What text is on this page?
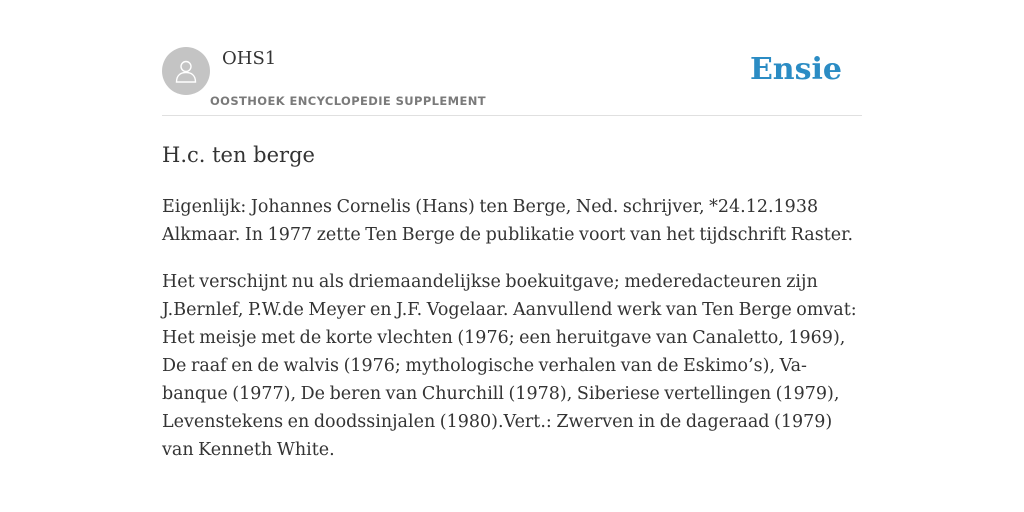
OHS1
OOSTHOEK ENCYCLOPEDIE SUPPLEMENT
Ensie
H.c. ten berge

Eigenlijk: Johannes Cornelis (Hans) ten Berge, Ned. schrijver, *24.12.1938 Alkmaar. In 1977 zette Ten Berge de publikatie voort van het tijdschrift Raster.

Het verschijnt nu als driemaandelijkse boekuitgave; mederedacteuren zijn J.Bernlef, P.W.de Meyer en J.F. Vogelaar. Aanvullend werk van Ten Berge omvat: Het meisje met de korte vlechten (1976; een heruitgave van Canaletto, 1969), De raaf en de walvis (1976; mythologische verhalen van de Eskimo’s), Va-banque (1977), De beren van Churchill (1978), Siberiese vertellingen (1979), Levenstekens en doodssinjalen (1980).Vert.: Zwerven in de dageraad (1979) van Kenneth White.
